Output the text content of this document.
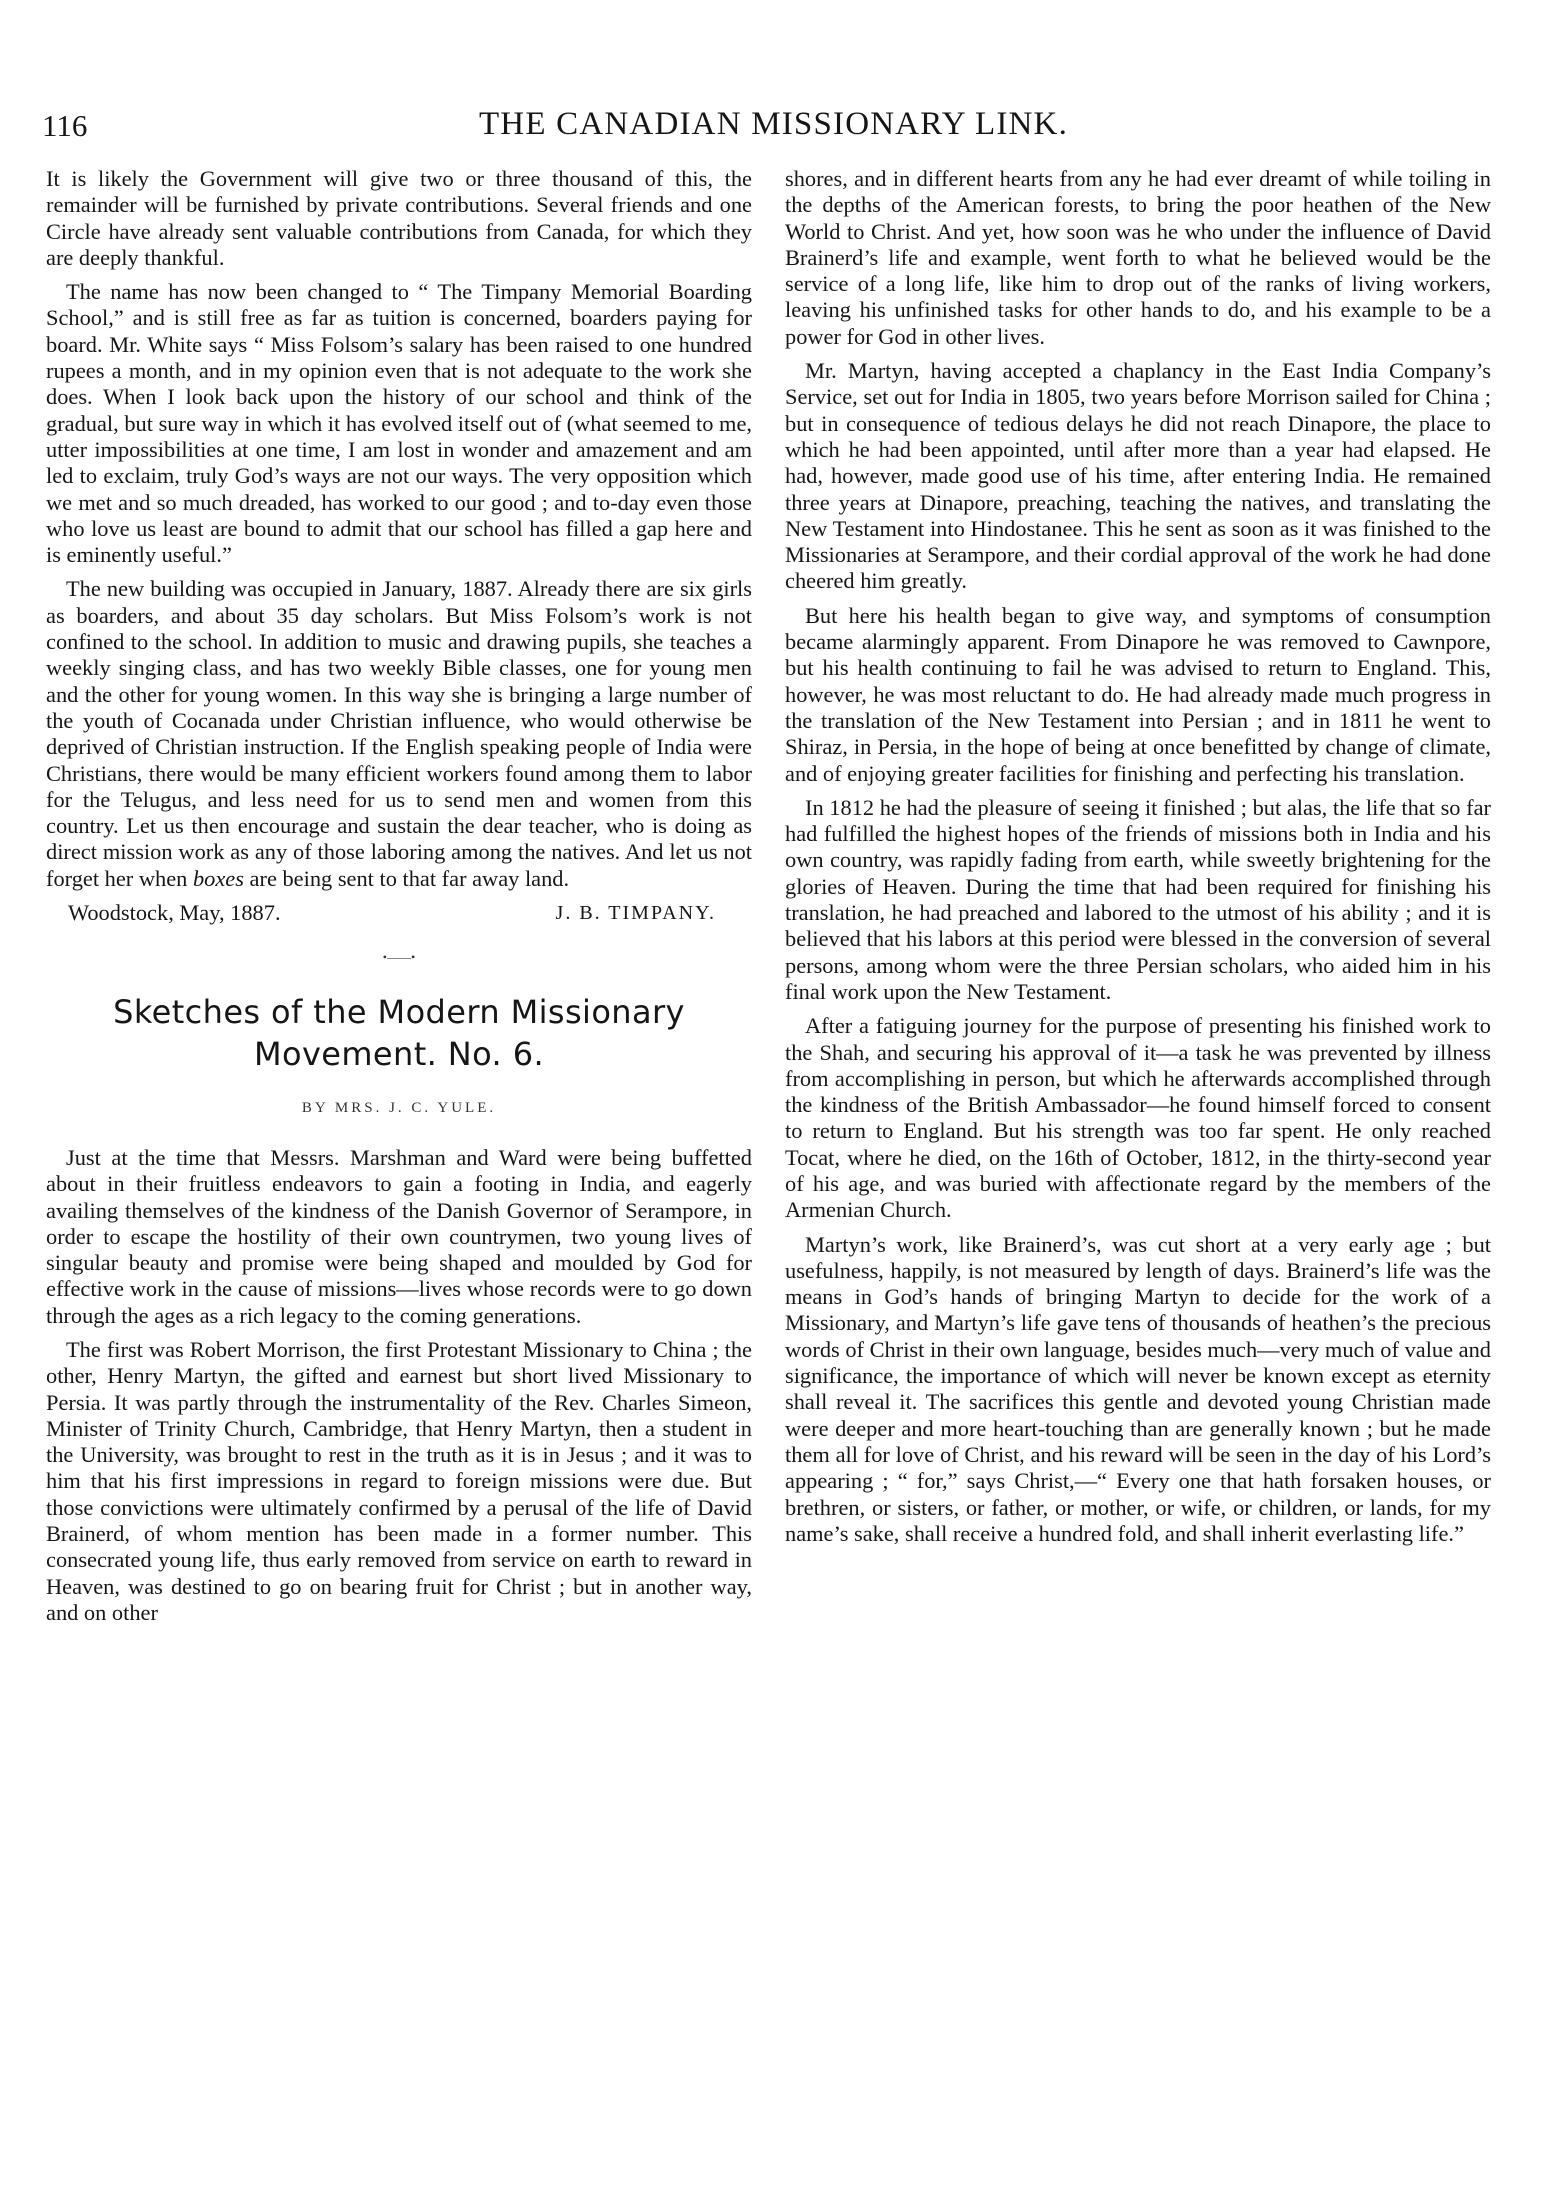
116	THE CANADIAN MISSIONARY LINK.

It is likely the Government will give two or three thousand of this, the remainder will be furnished by private contributions. Several friends and one Circle have already sent valuable contributions from Canada, for which they are deeply thankful.

The name has now been changed to “ The Timpany Memorial Boarding School,” and is still free as far as tuition is concerned, boarders paying for board. Mr. White says “ Miss Folsom’s salary has been raised to one hundred rupees a month, and in my opinion even that is not adequate to the work she does. When I look back upon the history of our school and think of the gradual, but sure way in which it has evolved itself out of (what seemed to me, utter impossibilities at one time, I am lost in wonder and amazement and am led to exclaim, truly God’s ways are not our ways. The very opposition which we met and so much dreaded, has worked to our good ; and to-day even those who love us least are bound to admit that our school has filled a gap here and is eminently useful.”

The new building was occupied in January, 1887. Already there are six girls as boarders, and about 35 day scholars. But Miss Folsom’s work is not confined to the school. In addition to music and drawing pupils, she teaches a weekly singing class, and has two weekly Bible classes, one for young men and the other for young women. In this way she is bringing a large number of the youth of Cocanada under Christian influence, who would otherwise be deprived of Christian instruction. If the English speaking people of India were Christians, there would be many efficient workers found among them to labor for the Telugus, and less need for us to send men and women from this country. Let us then encourage and sustain the dear teacher, who is doing as direct mission work as any of those laboring among the natives. And let us not forget her when boxes are being sent to that far away land.

Woodstock, May, 1887.	J. B. TIMPANY.
•——•
Sketches of the Modern Missionary Movement. No. 6.
BY MRS. J. C. YULE.

Just at the time that Messrs. Marshman and Ward were being buffetted about in their fruitless endeavors to gain a footing in India, and eagerly availing themselves of the kindness of the Danish Governor of Serampore, in order to escape the hostility of their own countrymen, two young lives of singular beauty and promise were being shaped and moulded by God for effective work in the cause of missions—lives whose records were to go down through the ages as a rich legacy to the coming generations.

The first was Robert Morrison, the first Protestant Missionary to China ; the other, Henry Martyn, the gifted and earnest but short lived Missionary to Persia. It was partly through the instrumentality of the Rev. Charles Simeon, Minister of Trinity Church, Cambridge, that Henry Martyn, then a student in the University, was brought to rest in the truth as it is in Jesus ; and it was to him that his first impressions in regard to foreign missions were due. But those convictions were ultimately confirmed by a perusal of the life of David Brainerd, of whom mention has been made in a former number. This consecrated young life, thus early removed from service on earth to reward in Heaven, was destined to go on bearing fruit for Christ ; but in another way, and on other

shores, and in different hearts from any he had ever dreamt of while toiling in the depths of the American forests, to bring the poor heathen of the New World to Christ. And yet, how soon was he who under the influence of David Brainerd’s life and example, went forth to what he believed would be the service of a long life, like him to drop out of the ranks of living workers, leaving his unfinished tasks for other hands to do, and his example to be a power for God in other lives.

Mr. Martyn, having accepted a chaplancy in the East India Company’s Service, set out for India in 1805, two years before Morrison sailed for China ; but in consequence of tedious delays he did not reach Dinapore, the place to which he had been appointed, until after more than a year had elapsed. He had, however, made good use of his time, after entering India. He remained three years at Dinapore, preaching, teaching the natives, and translating the New Testament into Hindostanee. This he sent as soon as it was finished to the Missionaries at Serampore, and their cordial approval of the work he had done cheered him greatly.

But here his health began to give way, and symptoms of consumption became alarmingly apparent. From Dinapore he was removed to Cawnpore, but his health continuing to fail he was advised to return to England. This, however, he was most reluctant to do. He had already made much progress in the translation of the New Testament into Persian ; and in 1811 he went to Shiraz, in Persia, in the hope of being at once benefitted by change of climate, and of enjoying greater facilities for finishing and perfecting his translation.

In 1812 he had the pleasure of seeing it finished ; but alas, the life that so far had fulfilled the highest hopes of the friends of missions both in India and his own country, was rapidly fading from earth, while sweetly brightening for the glories of Heaven. During the time that had been required for finishing his translation, he had preached and labored to the utmost of his ability ; and it is believed that his labors at this period were blessed in the conversion of several persons, among whom were the three Persian scholars, who aided him in his final work upon the New Testament.

After a fatiguing journey for the purpose of presenting his finished work to the Shah, and securing his approval of it—a task he was prevented by illness from accomplishing in person, but which he afterwards accomplished through the kindness of the British Ambassador—he found himself forced to consent to return to England. But his strength was too far spent. He only reached Tocat, where he died, on the 16th of October, 1812, in the thirty-second year of his age, and was buried with affectionate regard by the members of the Armenian Church.

Martyn’s work, like Brainerd’s, was cut short at a very early age ; but usefulness, happily, is not measured by length of days. Brainerd’s life was the means in God’s hands of bringing Martyn to decide for the work of a Missionary, and Martyn’s life gave tens of thousands of heathen’s the precious words of Christ in their own language, besides much—very much of value and significance, the importance of which will never be known except as eternity shall reveal it. The sacrifices this gentle and devoted young Christian made were deeper and more heart-touching than are generally known ; but he made them all for love of Christ, and his reward will be seen in the day of his Lord’s appearing ; “ for,” says Christ,—“ Every one that hath forsaken houses, or brethren, or sisters, or father, or mother, or wife, or children, or lands, for my name’s sake, shall receive a hundred fold, and shall inherit everlasting life.”
